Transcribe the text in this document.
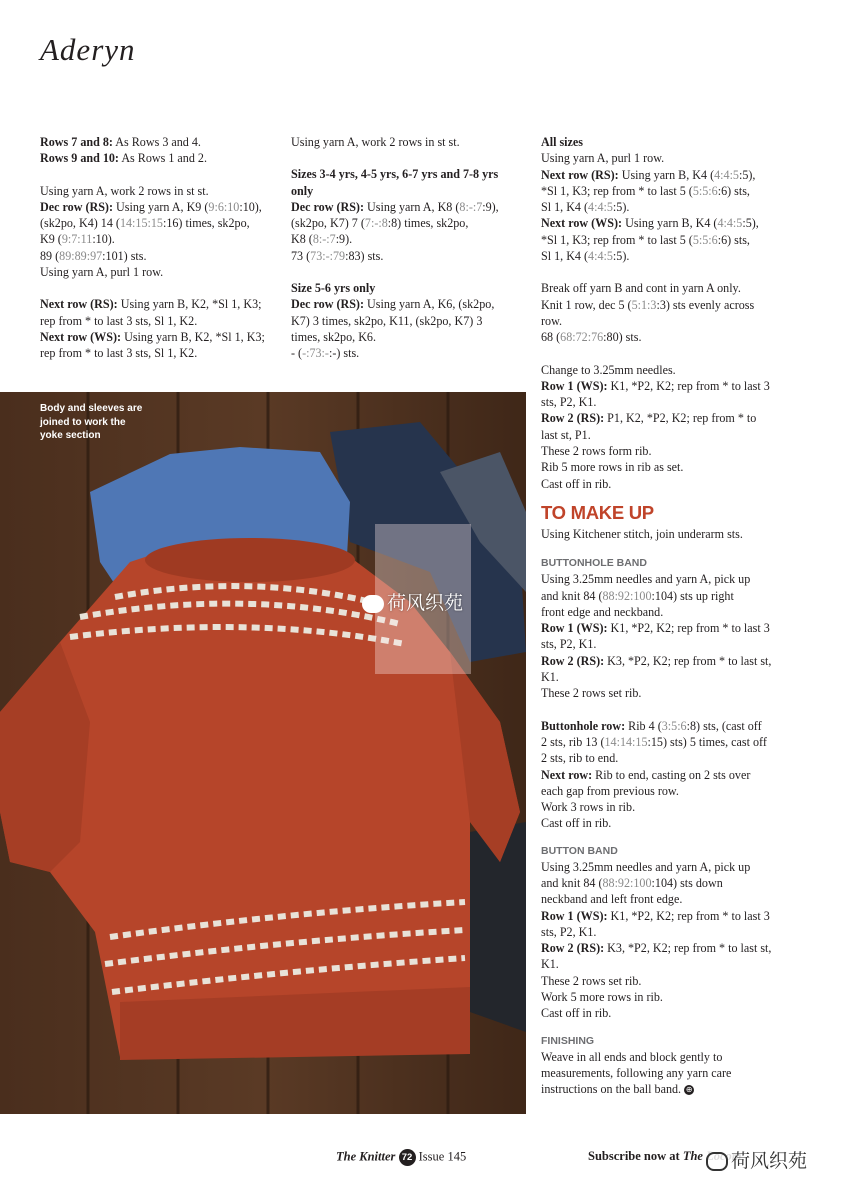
Aderyn

Rows 7 and 8: As Rows 3 and 4.

Rows 9 and 10: As Rows 1 and 2.

Using yarn A, work 2 rows in st st.

Dec row (RS): Using yarn A, K9 (9:6:10:10),

(sk2po, K4) 14 (14:15:15:16) times, sk2po,

K9 (9:7:11:10).

89 (89:89:97:101) sts.

Using yarn A, purl 1 row.

Next row (RS): Using yarn B, K2, *Sl 1, K3;

rep from * to last 3 sts, Sl 1, K2.

Next row (WS): Using yarn B, K2, *Sl 1, K3;

rep from * to last 3 sts, Sl 1, K2.

Using yarn A, work 2 rows in st st.

Sizes 3-4 yrs, 4-5 yrs, 6-7 yrs and 7-8 yrs only

Dec row (RS): Using yarn A, K8 (8:-:7:9),

(sk2po, K7) 7 (7:-:8:8) times, sk2po,

K8 (8:-:7:9).

73 (73:-:79:83) sts.

Size 5-6 yrs only

Dec row (RS): Using yarn A, K6, (sk2po,

K7) 3 times, sk2po, K11, (sk2po, K7) 3

times, sk2po, K6.

- (-:73:-:-) sts.

All sizes

Using yarn A, purl 1 row.

Next row (RS): Using yarn B, K4 (4:4:5:5),

*Sl 1, K3; rep from * to last 5 (5:5:6:6) sts,

Sl 1, K4 (4:4:5:5).

Next row (WS): Using yarn B, K4 (4:4:5:5),

*Sl 1, K3; rep from * to last 5 (5:5:6:6) sts,

Sl 1, K4 (4:4:5:5).

Break off yarn B and cont in yarn A only.

Knit 1 row, dec 5 (5:1:3:3) sts evenly across

row.

68 (68:72:76:80) sts.

Change to 3.25mm needles.

Row 1 (WS): K1, *P2, K2; rep from * to last 3

sts, P2, K1.

Row 2 (RS): P1, K2, *P2, K2; rep from * to

last st, P1.

These 2 rows form rib.

Rib 5 more rows in rib as set.

Cast off in rib.

TO MAKE UP

Using Kitchener stitch, join underarm sts.

BUTTONHOLE BAND

Using 3.25mm needles and yarn A, pick up

and knit 84 (88:92:100:104) sts up right

front edge and neckband.

Row 1 (WS): K1, *P2, K2; rep from * to last 3

sts, P2, K1.

Row 2 (RS): K3, *P2, K2; rep from * to last st,

K1.

These 2 rows set rib.

Buttonhole row: Rib 4 (3:5:6:8) sts, (cast off

2 sts, rib 13 (14:14:15:15) sts) 5 times, cast off

2 sts, rib to end.

Next row: Rib to end, casting on 2 sts over

each gap from previous row.

Work 3 rows in rib.

Cast off in rib.

BUTTON BAND

Using 3.25mm needles and yarn A, pick up

and knit 84 (88:92:100:104) sts down

neckband and left front edge.

Row 1 (WS): K1, *P2, K2; rep from * to last 3

sts, P2, K1.

Row 2 (RS): K3, *P2, K2; rep from * to last st,

K1.

These 2 rows set rib.

Work 5 more rows in rib.

Cast off in rib.

FINISHING

Weave in all ends and block gently to

measurements, following any yarn care

instructions on the ball band. ⊕

Body and sleeves are joined to work the yoke section
荷风织苑
The Knitter 72 Issue 145	Subscribe now at The	荷风织苑
